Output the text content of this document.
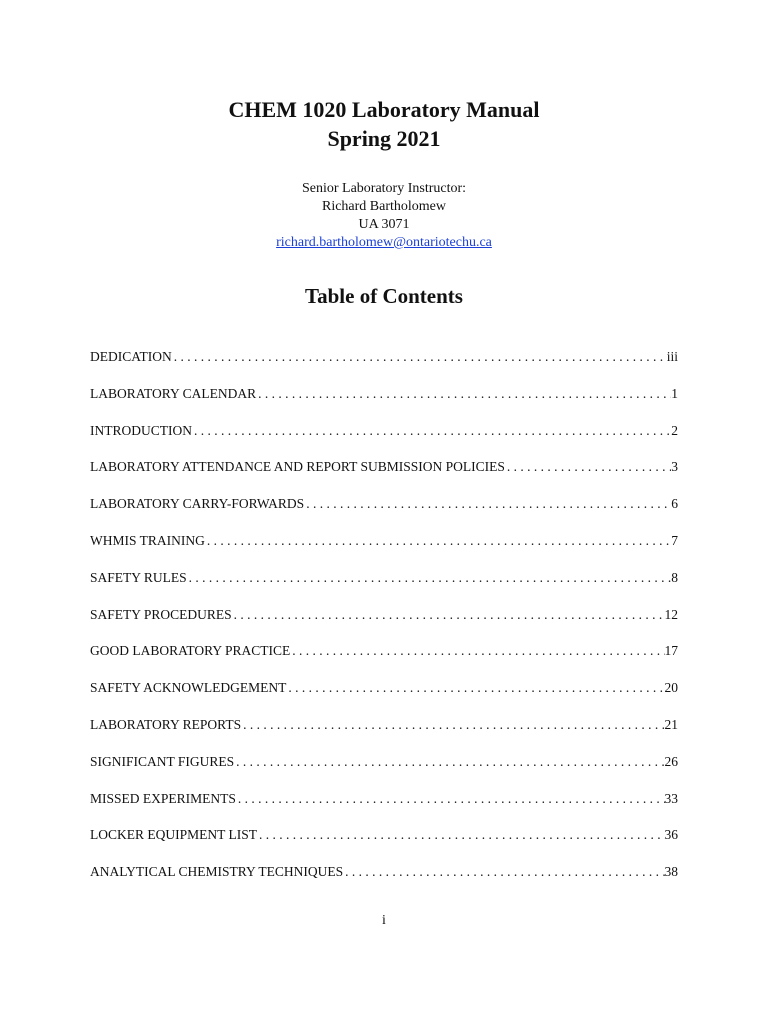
CHEM 1020 Laboratory Manual
Spring 2021
Senior Laboratory Instructor:
Richard Bartholomew
UA 3071
richard.bartholomew@ontariotechu.ca
Table of Contents
DEDICATION . . .	iii
LABORATORY CALENDAR . . .	1
INTRODUCTION . . .	2
LABORATORY ATTENDANCE AND REPORT SUBMISSION POLICIES . . .	3
LABORATORY CARRY-FORWARDS . . .	6
WHMIS TRAINING . . .	7
SAFETY RULES . . .	8
SAFETY PROCEDURES . . .	12
GOOD LABORATORY PRACTICE . . .	17
SAFETY ACKNOWLEDGEMENT . . .	20
LABORATORY REPORTS . . .	21
SIGNIFICANT FIGURES . . .	26
MISSED EXPERIMENTS . . .	33
LOCKER EQUIPMENT LIST . . .	36
ANALYTICAL CHEMISTRY TECHNIQUES . . .	38
i
